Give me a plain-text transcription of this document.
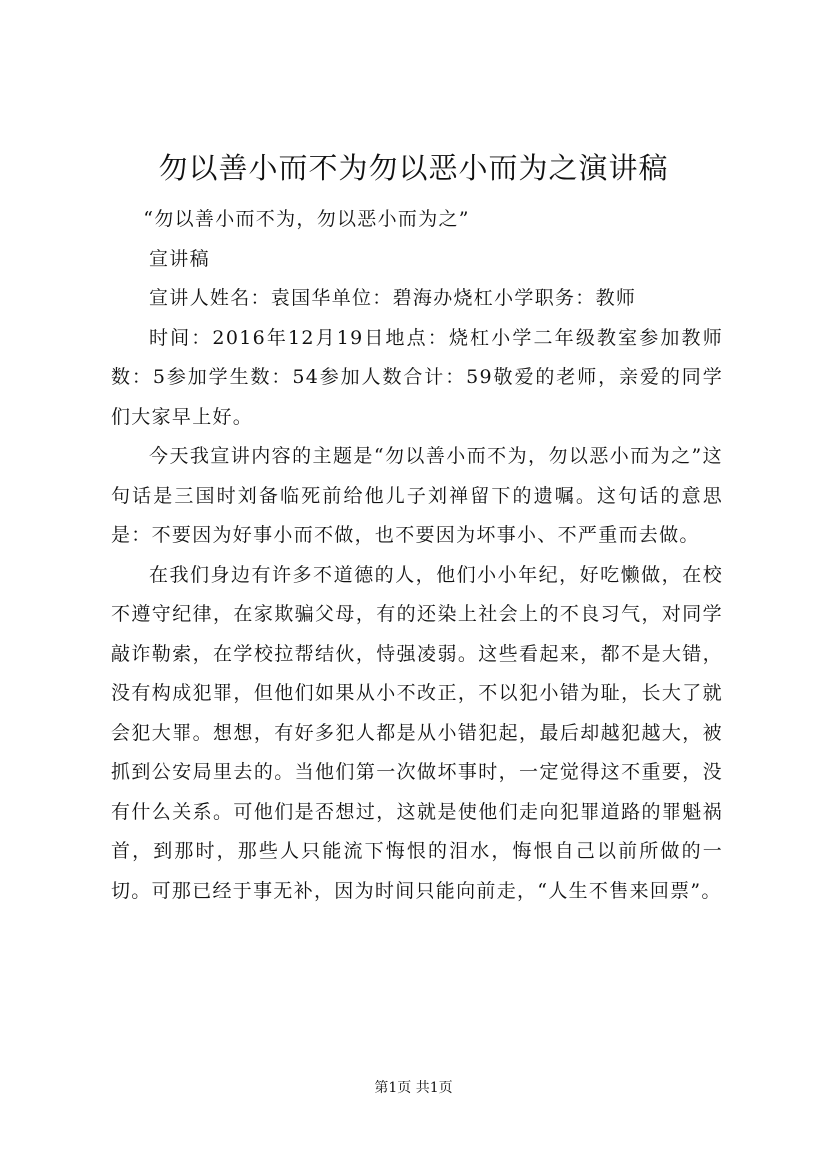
勿以善小而不为勿以恶小而为之演讲稿

“勿以善小而不为，勿以恶小而为之”

宣讲稿

宣讲人姓名：袁国华单位：碧海办烧杠小学职务：教师

时间：2016年12月19日地点：烧杠小学二年级教室参加教师数：5参加学生数：54参加人数合计：59敬爱的老师，亲爱的同学们大家早上好。

今天我宣讲内容的主题是“勿以善小而不为，勿以恶小而为之”这句话是三国时刘备临死前给他儿子刘禅留下的遗嘱。这句话的意思是：不要因为好事小而不做，也不要因为坏事小、不严重而去做。

在我们身边有许多不道德的人，他们小小年纪，好吃懒做，在校不遵守纪律，在家欺骗父母，有的还染上社会上的不良习气，对同学敲诈勒索，在学校拉帮结伙，恃强凌弱。这些看起来，都不是大错，没有构成犯罪，但他们如果从小不改正，不以犯小错为耻，长大了就会犯大罪。想想，有好多犯人都是从小错犯起，最后却越犯越大，被抓到公安局里去的。当他们第一次做坏事时，一定觉得这不重要，没有什么关系。可他们是否想过，这就是使他们走向犯罪道路的罪魁祸首，到那时，那些人只能流下悔恨的泪水，悔恨自己以前所做的一切。可那已经于事无补，因为时间只能向前走，“人生不售来回票”。

第1页 共1页
